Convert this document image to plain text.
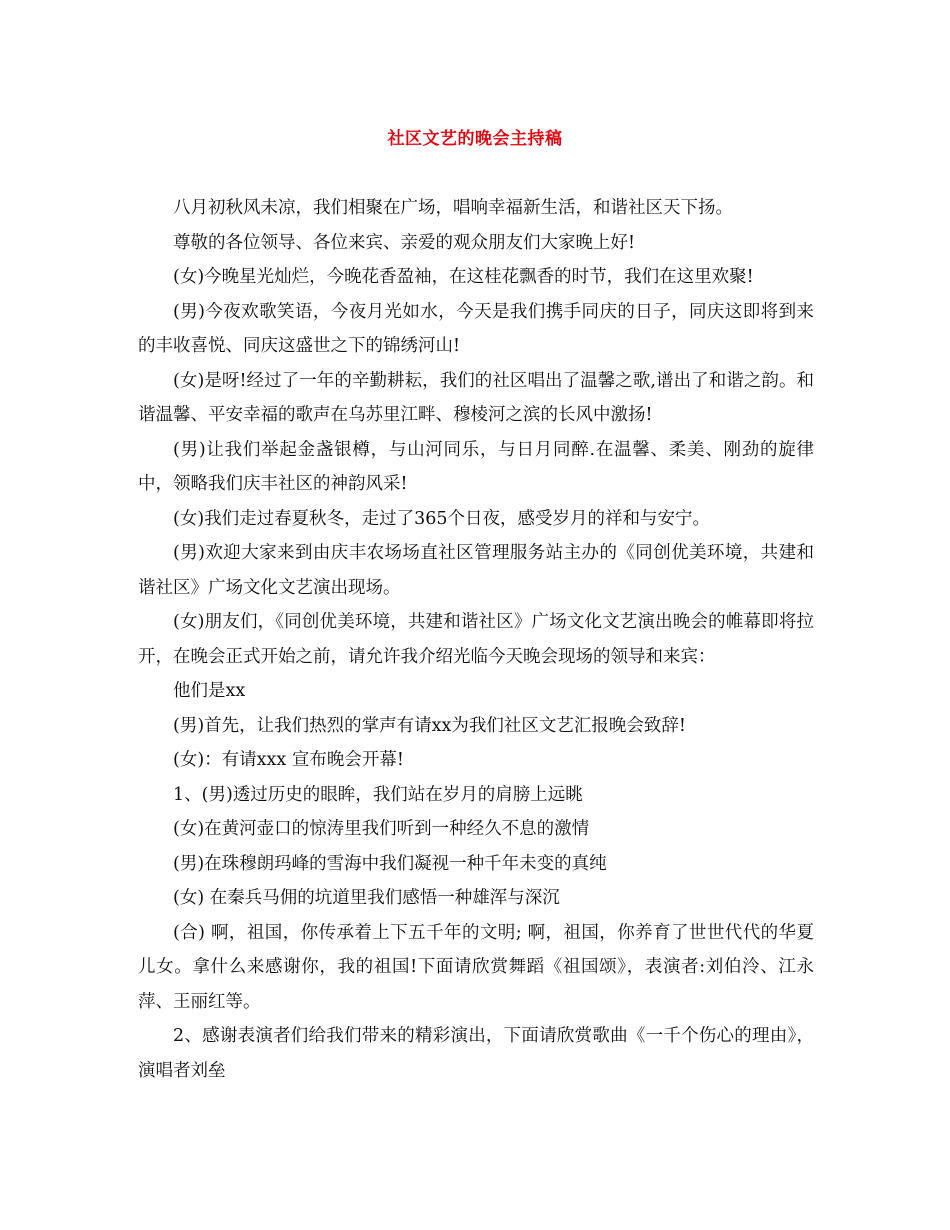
社区文艺的晚会主持稿

八月初秋风未凉，我们相聚在广场，唱响幸福新生活，和谐社区天下扬。

尊敬的各位领导、各位来宾、亲爱的观众朋友们大家晚上好!

(女)今晚星光灿烂，今晚花香盈袖，在这桂花飘香的时节，我们在这里欢聚!

(男)今夜欢歌笑语，今夜月光如水，今天是我们携手同庆的日子，同庆这即将到来的丰收喜悦、同庆这盛世之下的锦绣河山!

(女)是呀!经过了一年的辛勤耕耘，我们的社区唱出了温馨之歌,谱出了和谐之韵。和谐温馨、平安幸福的歌声在乌苏里江畔、穆棱河之滨的长风中激扬!

(男)让我们举起金盏银樽，与山河同乐，与日月同醉.在温馨、柔美、刚劲的旋律中，领略我们庆丰社区的神韵风采!

(女)我们走过春夏秋冬，走过了365个日夜，感受岁月的祥和与安宁。

(男)欢迎大家来到由庆丰农场场直社区管理服务站主办的《同创优美环境，共建和谐社区》广场文化文艺演出现场。

(女)朋友们，《同创优美环境，共建和谐社区》广场文化文艺演出晚会的帷幕即将拉开，在晚会正式开始之前，请允许我介绍光临今天晚会现场的领导和来宾：

他们是xx

(男)首先，让我们热烈的掌声有请xx为我们社区文艺汇报晚会致辞!

(女)：有请xxx 宣布晚会开幕!

1、(男)透过历史的眼眸，我们站在岁月的肩膀上远眺

(女)在黄河壶口的惊涛里我们听到一种经久不息的激情

(男)在珠穆朗玛峰的雪海中我们凝视一种千年未变的真纯

(女) 在秦兵马佣的坑道里我们感悟一种雄浑与深沉

(合) 啊，祖国，你传承着上下五千年的文明; 啊，祖国，你养育了世世代代的华夏儿女。拿什么来感谢你，我的祖国!下面请欣赏舞蹈《祖国颂》，表演者:刘伯泠、江永萍、王丽红等。

2、感谢表演者们给我们带来的精彩演出，下面请欣赏歌曲《一千个伤心的理由》，演唱者刘垒
